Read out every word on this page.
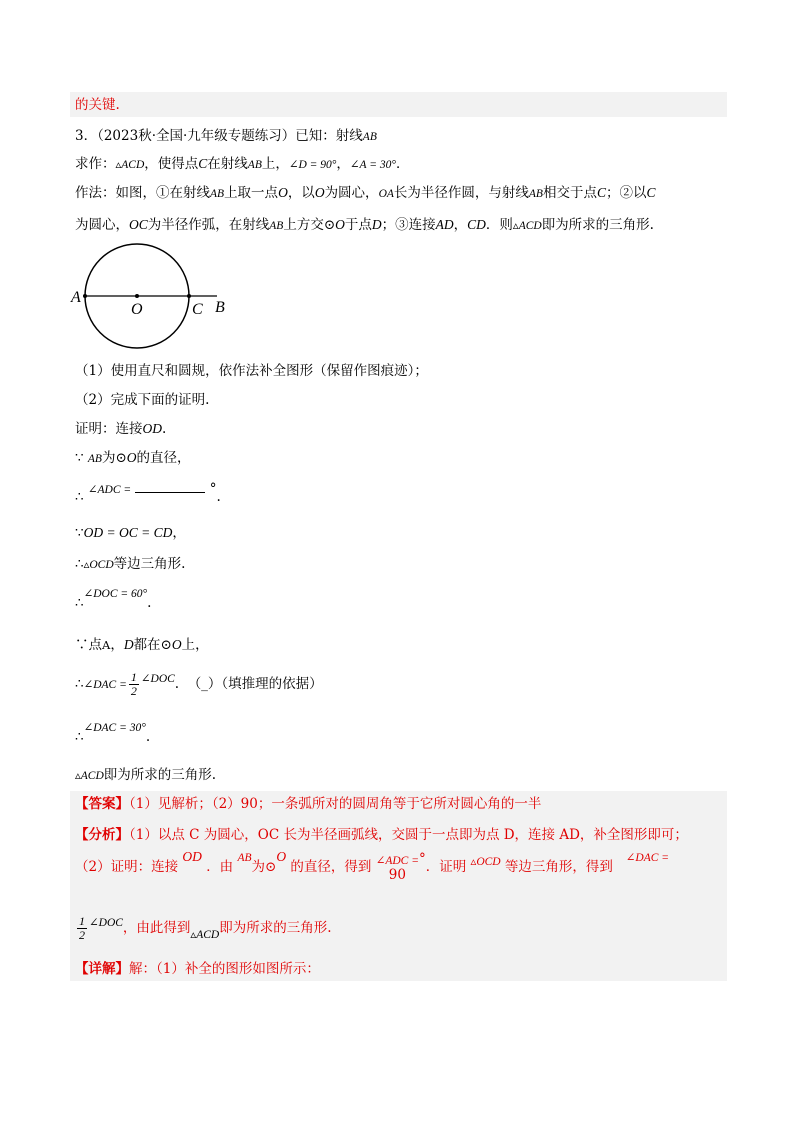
的关键.
3．（2023秋·全国·九年级专题练习）已知：射线AB
求作：▵ACD，使得点C在射线AB上，∠D = 90°，∠A = 30°．
作法：如图，①在射线AB上取一点O，以O为圆心，OA长为半径作圆，与射线AB相交于点C；②以C
为圆心，OC为半径作弧，在射线AB上方交⊙O于点D；③连接AD，CD．则▵ACD即为所求的三角形.
A
O	C B
（1）使用直尺和圆规，依作法补全图形（保留作图痕迹）；
（2）完成下面的证明.
证明：连接OD.
∵ AB为⊙O的直径，
∴ ∠ADC =	°.
∵OD = OC = CD，
∴▵OCD等边三角形.
∴∠DOC = 60°.
∵点A，D都在⊙O上，
∴∠DAC = $\frac{1}{2}$ ∠DOC. （_）（填推理的依据）
∴∠DAC = 30°.
▵ACD即为所求的三角形.
【答案】（1）见解析；（2）90；一条弧所对的圆周角等于它所对圆心角的一半
【分析】（1）以点 C 为圆心，OC 长为半径画弧线，交圆于一点即为点 D，连接 AD，补全图形即可；
（2）证明：连接 OD ．由 AB为⊙O 的直径，得到 ∠ADC =
90
°．证明 ▵OCD 等边三角形，得到   ∠DAC =
$\frac{1}{2}$ ∠DOC，由此得到▵ACD即为所求的三角形.
【详解】解：（1）补全的图形如图所示：
